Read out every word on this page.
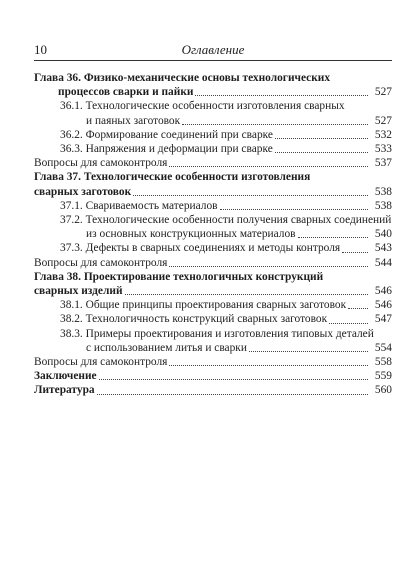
10	Оглавление
Глава 36. Физико-механические основы технологических
процессов сварки и пайки	527
36.1. Технологические особенности изготовления сварных
и паяных заготовок	527
36.2. Формирование соединений при сварке	532
36.3. Напряжения и деформации при сварке	533
Вопросы для самоконтроля	537
Глава 37. Технологические особенности изготовления
сварных заготовок	538
37.1. Свариваемость материалов	538
37.2. Технологические особенности получения сварных соединений
из основных конструкционных материалов	540
37.3. Дефекты в сварных соединениях и методы контроля	543
Вопросы для самоконтроля	544
Глава 38. Проектирование технологичных конструкций
сварных изделий	546
38.1. Общие принципы проектирования сварных заготовок	546
38.2. Технологичность конструкций сварных заготовок	547
38.3. Примеры проектирования и изготовления типовых деталей
с использованием литья и сварки	554
Вопросы для самоконтроля	558
Заключение	559
Литература	560
